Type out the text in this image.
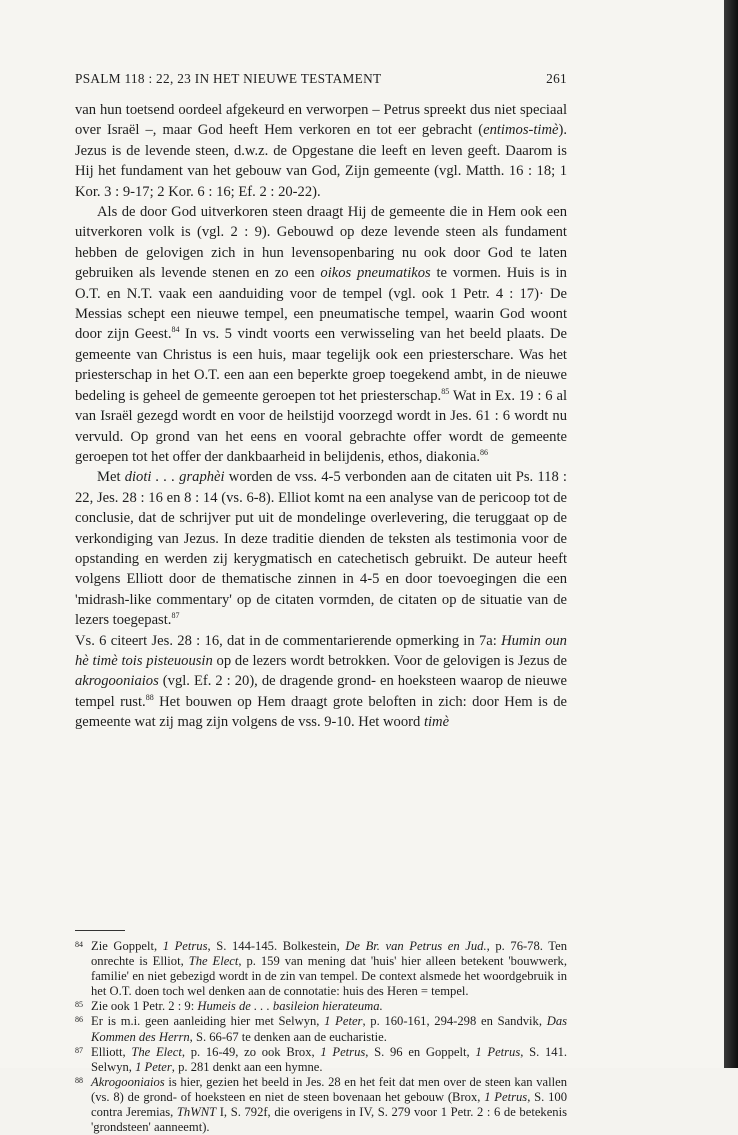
PSALM 118 : 22, 23 IN HET NIEUWE TESTAMENT	261

van hun toetsend oordeel afgekeurd en verworpen – Petrus spreekt dus niet speciaal over Israël –, maar God heeft Hem verkoren en tot eer gebracht (entimos-timè). Jezus is de levende steen, d.w.z. de Opgestane die leeft en leven geeft. Daarom is Hij het fundament van het gebouw van God, Zijn gemeente (vgl. Matth. 16 : 18; 1 Kor. 3 : 9-17; 2 Kor. 6 : 16; Ef. 2 : 20-22).

Als de door God uitverkoren steen draagt Hij de gemeente die in Hem ook een uitverkoren volk is (vgl. 2 : 9). Gebouwd op deze levende steen als fundament hebben de gelovigen zich in hun levensopenbaring nu ook door God te laten gebruiken als levende stenen en zo een oikos pneumatikos te vormen. Huis is in O.T. en N.T. vaak een aanduiding voor de tempel (vgl. ook 1 Petr. 4 : 17)· De Messias schept een nieuwe tempel, een pneumatische tempel, waarin God woont door zijn Geest.$^{84}$ In vs. 5 vindt voorts een verwisseling van het beeld plaats. De gemeente van Christus is een huis, maar tegelijk ook een priesterschare. Was het priesterschap in het O.T. een aan een beperkte groep toegekend ambt, in de nieuwe bedeling is geheel de gemeente geroepen tot het priesterschap.$^{85}$ Wat in Ex. 19 : 6 al van Israël gezegd wordt en voor de heilstijd voorzegd wordt in Jes. 61 : 6 wordt nu vervuld. Op grond van het eens en vooral gebrachte offer wordt de gemeente geroepen tot het offer der dankbaarheid in belijdenis, ethos, diakonia.$^{86}$

Met dioti . . . graphèi worden de vss. 4-5 verbonden aan de citaten uit Ps. 118 : 22, Jes. 28 : 16 en 8 : 14 (vs. 6-8). Elliot komt na een analyse van de pericoop tot de conclusie, dat de schrijver put uit de mondelinge overlevering, die teruggaat op de verkondiging van Jezus. In deze traditie dienden de teksten als testimonia voor de opstanding en werden zij kerygmatisch en catechetisch gebruikt. De auteur heeft volgens Elliott door de thematische zinnen in 4-5 en door toevoegingen die een 'midrash-like commentary' op de citaten vormden, de citaten op de situatie van de lezers toegepast.$^{87}$

Vs. 6 citeert Jes. 28 : 16, dat in de commentarierende opmerking in 7a: Humin oun hè timè tois pisteuousin op de lezers wordt betrokken. Voor de gelovigen is Jezus de akrogooniaios (vgl. Ef. 2 : 20), de dragende grond- en hoeksteen waarop de nieuwe tempel rust.$^{88}$ Het bouwen op Hem draagt grote beloften in zich: door Hem is de gemeente wat zij mag zijn volgens de vss. 9-10. Het woord timè

84 Zie Goppelt, 1 Petrus, S. 144-145. Bolkestein, De Br. van Petrus en Jud., p. 76-78. Ten onrechte is Elliot, The Elect, p. 159 van mening dat 'huis' hier alleen betekent 'bouwwerk, familie' en niet gebezigd wordt in de zin van tempel. De context alsmede het woordgebruik in het O.T. doen toch wel denken aan de connotatie: huis des Heren = tempel.
85 Zie ook 1 Petr. 2 : 9: Humeis de . . . basileion hierateuma.
86 Er is m.i. geen aanleiding hier met Selwyn, 1 Peter, p. 160-161, 294-298 en Sandvik, Das Kommen des Herrn, S. 66-67 te denken aan de eucharistie.
87 Elliott, The Elect, p. 16-49, zo ook Brox, 1 Petrus, S. 96 en Goppelt, 1 Petrus, S. 141. Selwyn, 1 Peter, p. 281 denkt aan een hymne.
88 Akrogooniaios is hier, gezien het beeld in Jes. 28 en het feit dat men over de steen kan vallen (vs. 8) de grond- of hoeksteen en niet de steen bovenaan het gebouw (Brox, 1 Petrus, S. 100 contra Jeremias, ThWNT I, S. 792f, die overigens in IV, S. 279 voor 1 Petr. 2 : 6 de betekenis 'grondsteen' aanneemt).
